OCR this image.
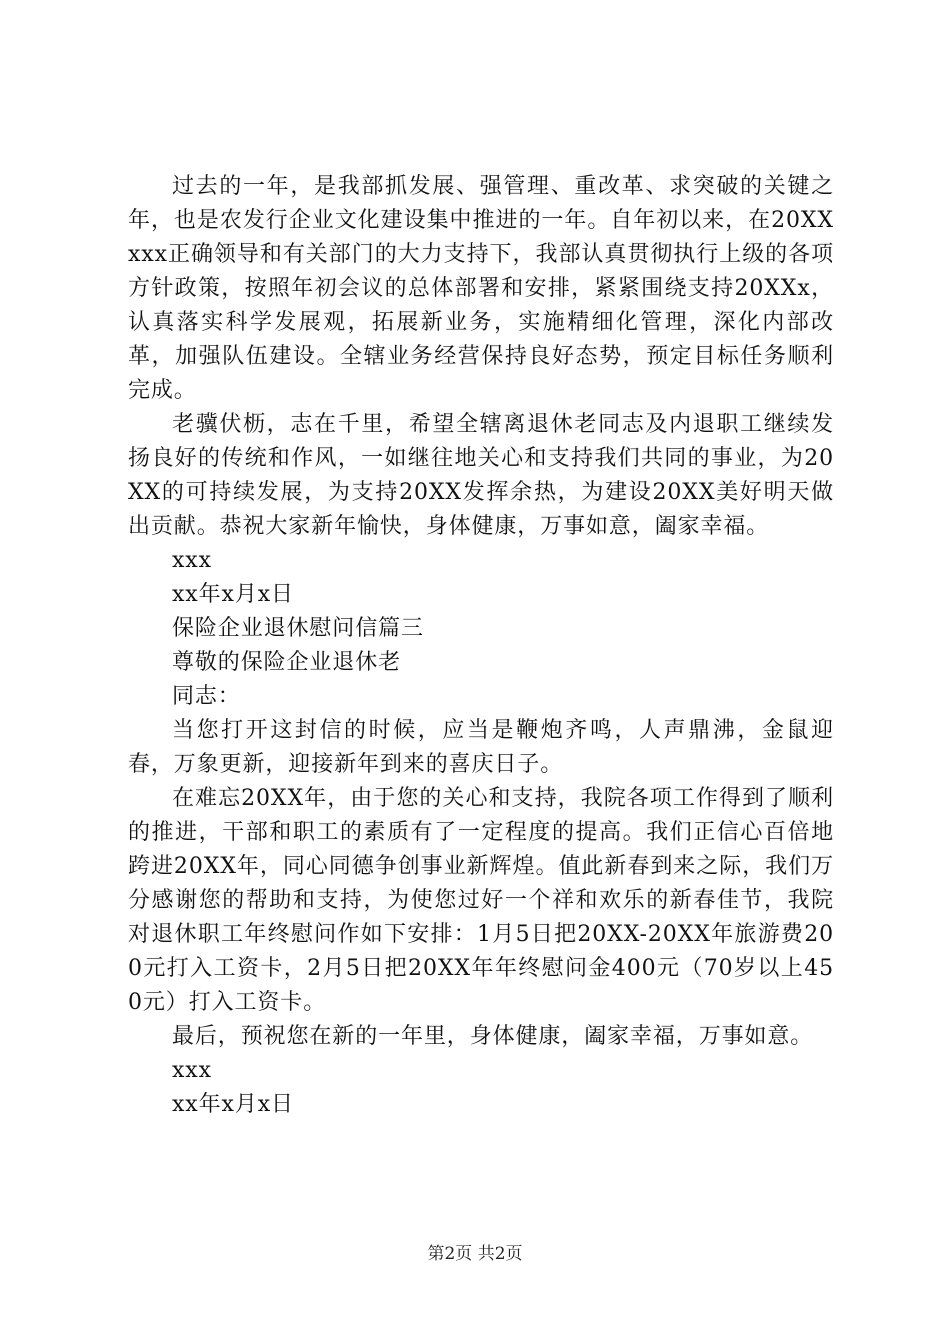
过去的一年，是我部抓发展、强管理、重改革、求突破的关键之年，也是农发行企业文化建设集中推进的一年。自年初以来，在20XXxxx正确领导和有关部门的大力支持下，我部认真贯彻执行上级的各项方针政策，按照年初会议的总体部署和安排，紧紧围绕支持20XXx，认真落实科学发展观，拓展新业务，实施精细化管理，深化内部改革，加强队伍建设。全辖业务经营保持良好态势，预定目标任务顺利完成。

老骥伏枥，志在千里，希望全辖离退休老同志及内退职工继续发扬良好的传统和作风，一如继往地关心和支持我们共同的事业，为20XX的可持续发展，为支持20XX发挥余热，为建设20XX美好明天做出贡献。恭祝大家新年愉快，身体健康，万事如意，阖家幸福。

xxx

xx年x月x日

保险企业退休慰问信篇三

尊敬的保险企业退休老

同志：

当您打开这封信的时候，应当是鞭炮齐鸣，人声鼎沸，金鼠迎春，万象更新，迎接新年到来的喜庆日子。

在难忘20XX年，由于您的关心和支持，我院各项工作得到了顺利的推进，干部和职工的素质有了一定程度的提高。我们正信心百倍地跨进20XX年，同心同德争创事业新辉煌。值此新春到来之际，我们万分感谢您的帮助和支持，为使您过好一个祥和欢乐的新春佳节，我院对退休职工年终慰问作如下安排：1月5日把20XX-20XX年旅游费200元打入工资卡，2月5日把20XX年年终慰问金400元（70岁以上450元）打入工资卡。

最后，预祝您在新的一年里，身体健康，阖家幸福，万事如意。

xxx

xx年x月x日

第2页 共2页
